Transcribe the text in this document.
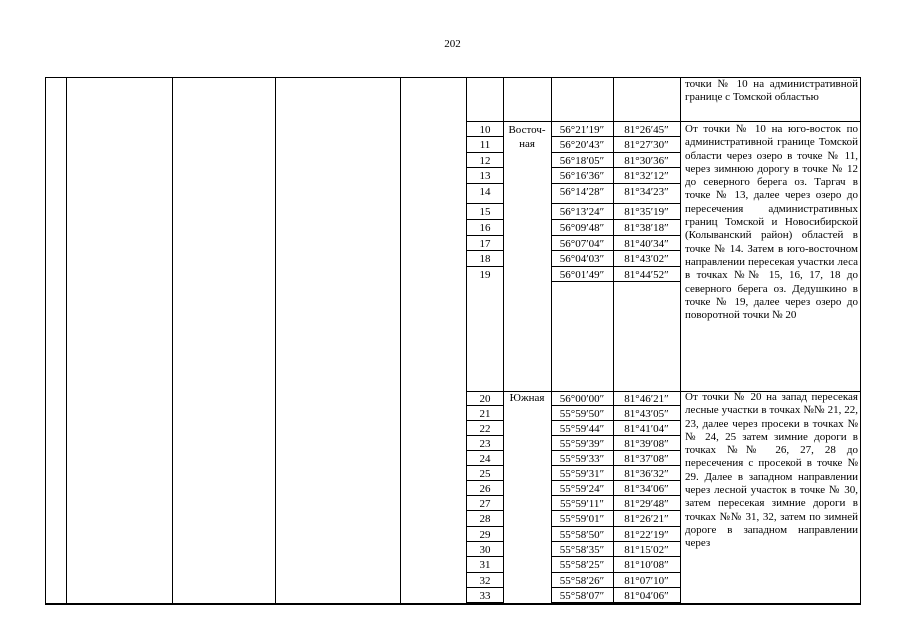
202
точки № 10 на административной границе с Томской областью
Восточная
От точки № 10 на юго-восток по административной границе Томской области через озеро в точке № 11, через зимнюю дорогу в точке № 12 до северного берега оз. Таргач в точке № 13, далее через озеро до пересечения административных границ Томской и Новосибирской (Колыванский район) областей в точке № 14. Затем в юго-восточном направлении пересекая участки леса в точках №№ 15, 16, 17, 18 до северного берега оз. Дедушкино в точке № 19, далее через озеро до поворотной точки № 20
10	56°21′19″	81°26′45″
11	56°20′43″	81°27′30″
12	56°18′05″	81°30′36″
13	56°16′36″	81°32′12″
14	56°14′28″	81°34′23″
15	56°13′24″	81°35′19″
16	56°09′48″	81°38′18″
17	56°07′04″	81°40′34″
18	56°04′03″	81°43′02″
19	56°01′49″	81°44′52″
Южная	От точки № 20 на запад пересекая лесные участки в точках №№ 21, 22, 23, далее через просеки в точках №№ 24, 25 затем зимние дороги в точках №№ 26, 27, 28 до пересечения с просекой в точке № 29. Далее в западном направлении через лесной участок в точке № 30, затем пересекая зимние дороги в точках №№ 31, 32, затем по зимней дороге в западном направлении через
20	56°00′00″	81°46′21″
21	55°59′50″	81°43′05″
22	55°59′44″	81°41′04″
23	55°59′39″	81°39′08″
24	55°59′33″	81°37′08″
25	55°59′31″	81°36′32″
26	55°59′24″	81°34′06″
27	55°59′11″	81°29′48″
28	55°59′01″	81°26′21″
29	55°58′50″	81°22′19″
30	55°58′35″	81°15′02″
31	55°58′25″	81°10′08″
32	55°58′26″	81°07′10″
33	55°58′07″	81°04′06″
